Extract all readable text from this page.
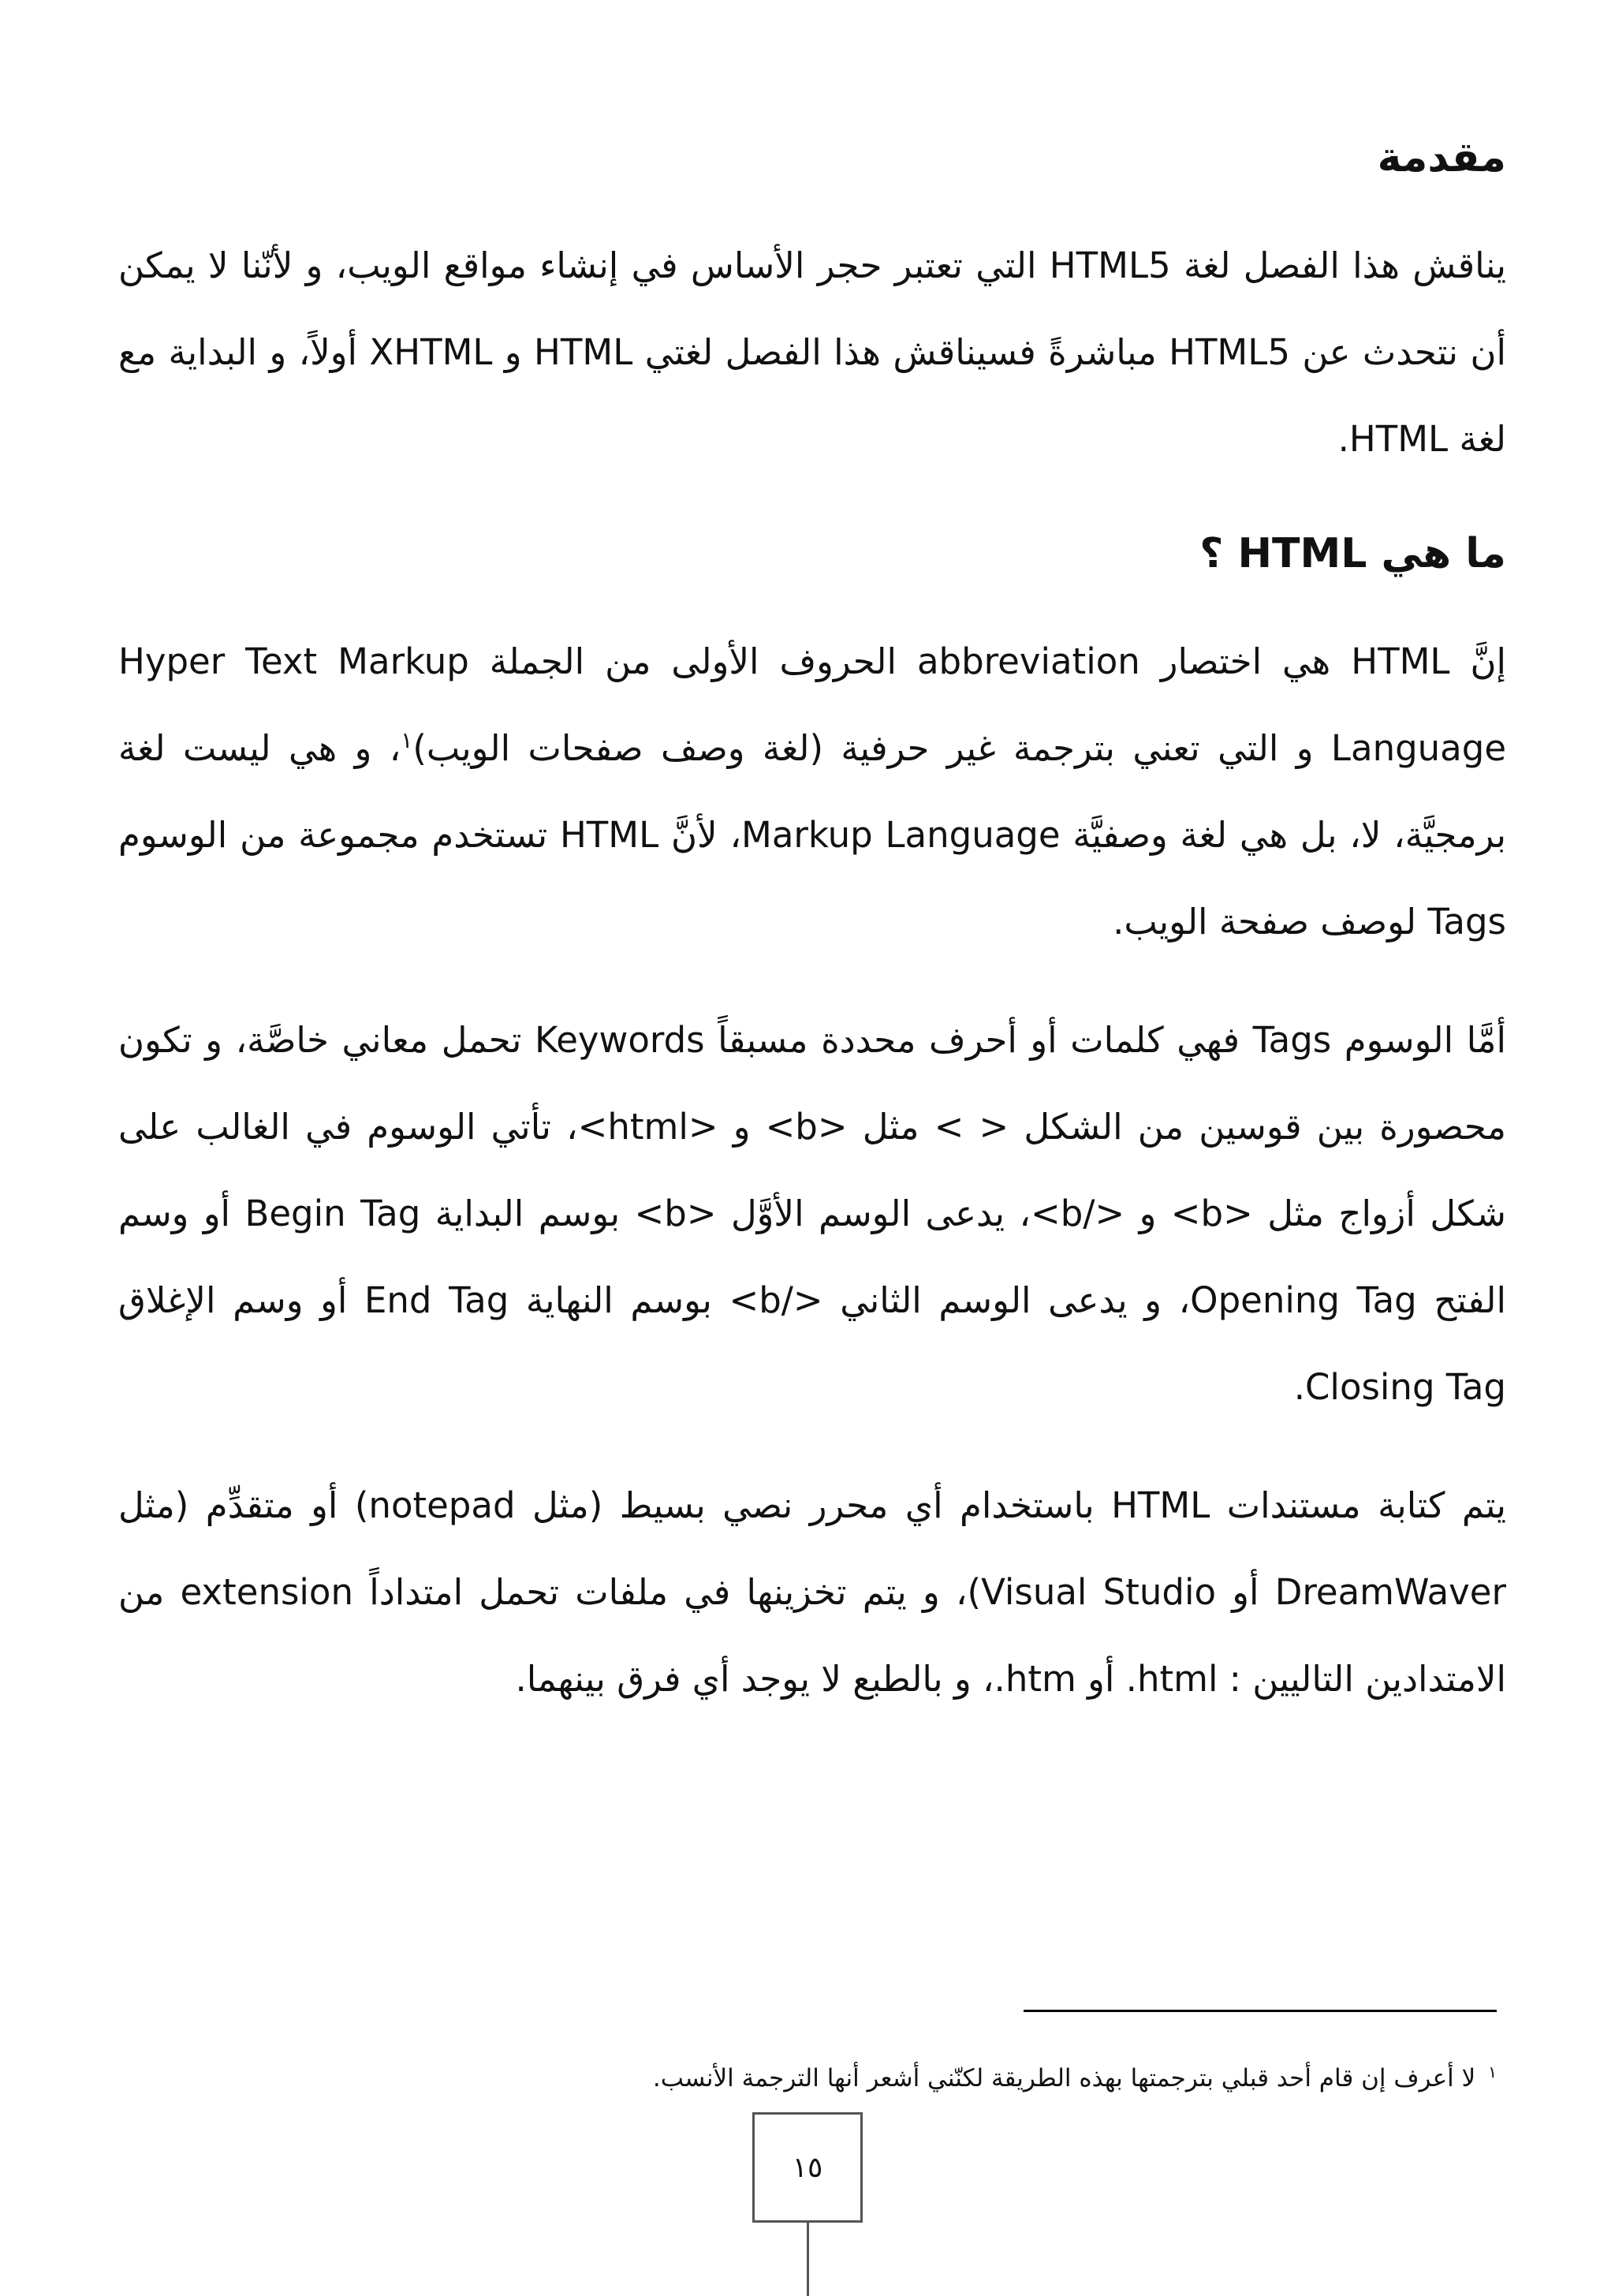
مقدمة

يناقش هذا الفصل لغة HTML5 التي تعتبر حجر الأساس في إنشاء مواقع الويب، و لأنّنا لا يمكن أن نتحدث عن HTML5 مباشرةً فسيناقش هذا الفصل لغتي HTML و XHTML أولاً، و البداية مع لغة HTML.

ما هي HTML ؟

إنَّ HTML هي اختصار abbreviation الحروف الأولى من الجملة Hyper Text Markup Language و التي تعني بترجمة غير حرفية (لغة وصف صفحات الويب)$^١$، و هي ليست لغة برمجيَّة، لا، بل هي لغة وصفيَّة Markup Language، لأنَّ HTML تستخدم مجموعة من الوسوم Tags لوصف صفحة الويب.

أمَّا الوسوم Tags فهي كلمات أو أحرف محددة مسبقاً Keywords تحمل معاني خاصَّة، و تكون محصورة بين قوسين من الشكل < > مثل <b> و <html>، تأتي الوسوم في الغالب على شكل أزواج مثل <b> و </b>، يدعى الوسم الأوَّل <b> بوسم البداية Begin Tag أو وسم الفتح Opening Tag، و يدعى الوسم الثاني </b> بوسم النهاية End Tag أو وسم الإغلاق Closing Tag.

يتم كتابة مستندات HTML باستخدام أي محرر نصي بسيط (مثل notepad) أو متقدِّم (مثل DreamWaver أو Visual Studio)، و يتم تخزينها في ملفات تحمل امتداداً extension من الامتدادين التاليين : html. أو htm.، و بالطبع لا يوجد أي فرق بينهما.

$^١$لا أعرف إن قام أحد قبلي بترجمتها بهذه الطريقة لكنّني أشعر أنها الترجمة الأنسب.
١٥
